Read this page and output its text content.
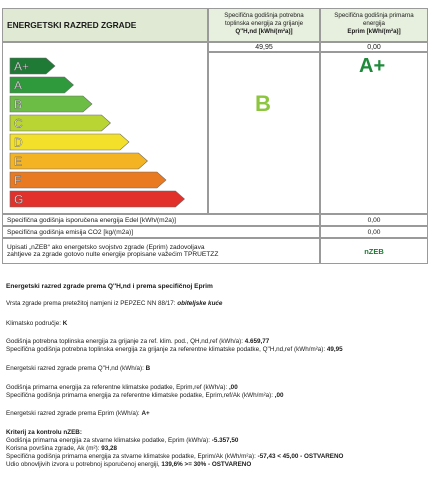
ENERGETSKI RAZRED ZGRADE
Specifična godišnja potrebna
toplinska energija za grijanje
Q''H,nd [kWh/(m²a)]
Specifična godišnja primarna
energija
Eprim [kWh/(m²a)]
49,95	0,00
B
A+
A+
A
B
C
D
E
F
G
Specifična godišnja isporučena energija Edel [kWh/(m2a)]	0,00
Specifična godišnja emisija CO2 [kg/(m2a)]	0,00
Upisati „nZEB“ ako energetsko svojstvo zgrade (Eprim) zadovoljava
zahtjeve za zgrade gotovo nulte energije propisane važećim TPRUETZZ	nZEB
Energetski razred zgrade prema Q''H,nd i prema specifičnoj Eprim
Vrsta zgrade prema pretežitoj namjeni iz PEPZEC NN 88/17: obiteljske kuće
Klimatsko područje: K
Godišnja potrebna toplinska energija za grijanje za ref. klim. pod., QH,nd,ref (kWh/a): 4.659,77
Specifična godišnja potrebna toplinska energija za grijanje za referentne klimatske podatke, Q''H,nd,ref (kWh/m²a): 49,95
Energetski razred zgrade prema Q''H,nd (kWh/a): B
Godišnja primarna energija za referentne klimatske podatke, Eprim,ref (kWh/a): ,00
Specifična godišnja primarna energija za referentne klimatske podatke, Eprim,ref/Ak (kWh/m²a): ,00
Energetski razred zgrade prema Eprim (kWh/a): A+
Kriterij za kontrolu nZEB:
Godišnja primarna energija za stvarne klimatske podatke, Eprim (kWh/a): -5.357,50
Korisna površina zgrade, Ak (m²): 93,28
Specifična godišnja primarna energija za stvarne klimatske podatke, Eprim/Ak (kWh/m²a): -57,43 < 45,00 - OSTVARENO
Udio obnovljivih izvora u potrebnoj isporučenoj energiji, 139,6% >= 30% - OSTVARENO
